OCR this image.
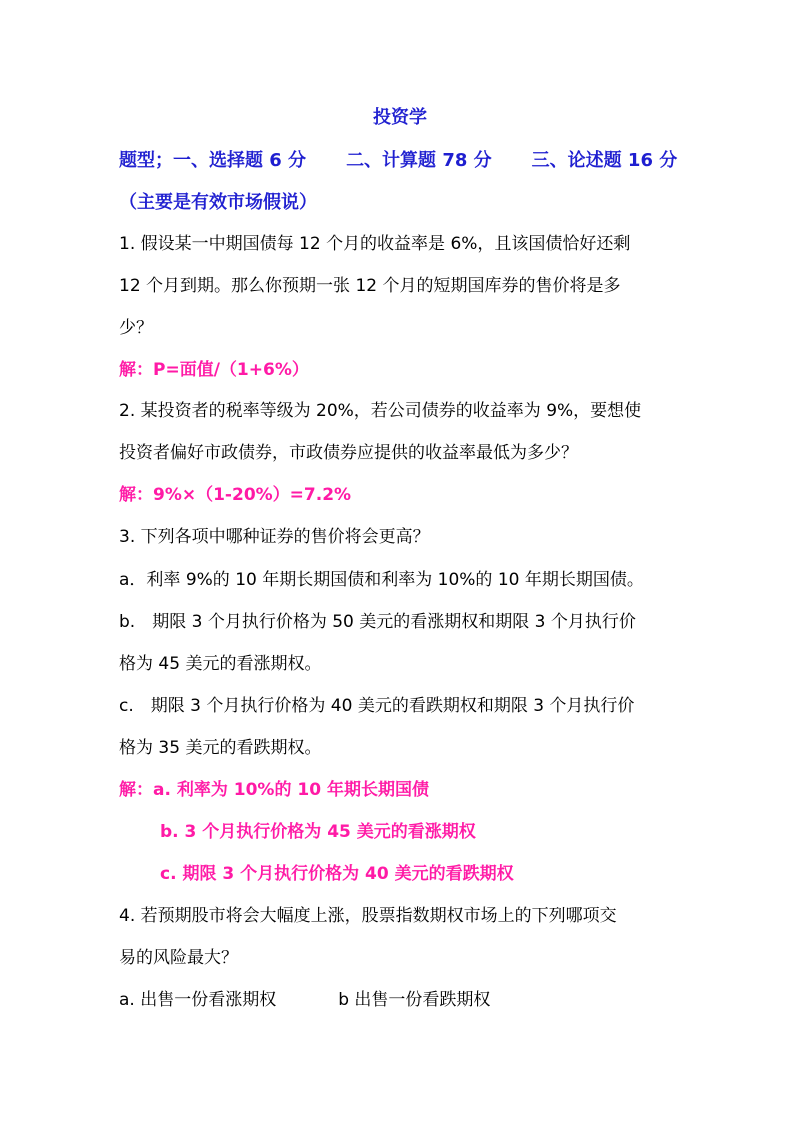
投资学
题型；一、选择题 6 分 二、计算题 78 分 三、论述题 16 分
（主要是有效市场假说）
1. 假设某一中期国债每 12 个月的收益率是 6%，且该国债恰好还剩
12 个月到期。那么你预期一张 12 个月的短期国库券的售价将是多
少？
解：P=面值/（1+6%）
2. 某投资者的税率等级为 20%，若公司债券的收益率为 9%，要想使
投资者偏好市政债券，市政债券应提供的收益率最低为多少？
解：9%×（1-20%）=7.2%
3. 下列各项中哪种证券的售价将会更高？
a．利率 9%的 10 年期长期国债和利率为 10%的 10 年期长期国债。
b.　期限 3 个月执行价格为 50 美元的看涨期权和期限 3 个月执行价
格为 45 美元的看涨期权。
c.　期限 3 个月执行价格为 40 美元的看跌期权和期限 3 个月执行价
格为 35 美元的看跌期权。
解：a. 利率为 10%的 10 年期长期国债
b. 3 个月执行价格为 45 美元的看涨期权
c. 期限 3 个月执行价格为 40 美元的看跌期权
4. 若预期股市将会大幅度上涨，股票指数期权市场上的下列哪项交
易的风险最大？
a. 出售一份看涨期权	b 出售一份看跌期权
